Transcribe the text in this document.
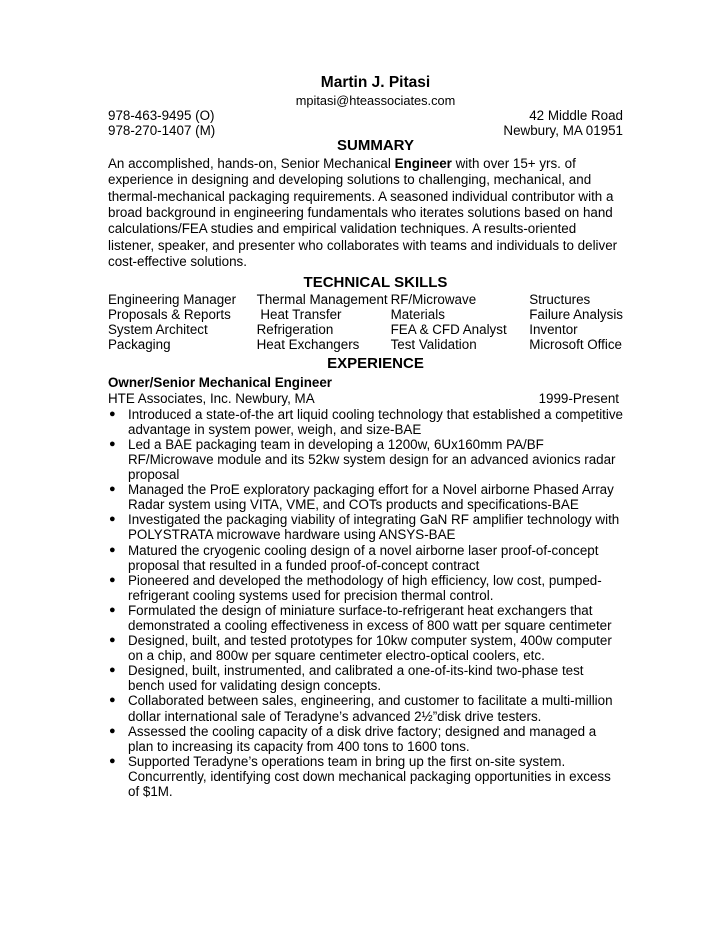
Martin J. Pitasi
mpitasi@hteassociates.com
978-463-9495 (O)	42 Middle Road
978-270-1407 (M)	Newbury, MA 01951
SUMMARY
An accomplished, hands-on, Senior Mechanical Engineer with over 15+ yrs. of experience in designing and developing solutions to challenging, mechanical, and thermal-mechanical packaging requirements. A seasoned individual contributor with a broad background in engineering fundamentals who iterates solutions based on hand calculations/FEA studies and empirical validation techniques. A results-oriented listener, speaker, and presenter who collaborates with teams and individuals to deliver cost-effective solutions.
TECHNICAL SKILLS
Engineering Manager	Thermal Management	RF/Microwave	Structures
Proposals & Reports	Heat Transfer	Materials	Failure Analysis
System Architect	Refrigeration	FEA & CFD Analyst	Inventor
Packaging	Heat Exchangers	Test Validation	Microsoft Office
EXPERIENCE
Owner/Senior Mechanical Engineer
HTE Associates, Inc. Newbury, MA	1999-Present
● Introduced a state-of-the art liquid cooling technology that established a competitive advantage in system power, weigh, and size-BAE
● Led a BAE packaging team in developing a 1200w, 6Ux160mm PA/BF RF/Microwave module and its 52kw system design for an advanced avionics radar proposal
● Managed the ProE exploratory packaging effort for a Novel airborne Phased Array Radar system using VITA, VME, and COTs products and specifications-BAE
● Investigated the packaging viability of integrating GaN RF amplifier technology with POLYSTRATA microwave hardware using ANSYS-BAE
● Matured the cryogenic cooling design of a novel airborne laser proof-of-concept proposal that resulted in a funded proof-of-concept contract
● Pioneered and developed the methodology of high efficiency, low cost, pumped-refrigerant cooling systems used for precision thermal control.
● Formulated the design of miniature surface-to-refrigerant heat exchangers that demonstrated a cooling effectiveness in excess of 800 watt per square centimeter
● Designed, built, and tested prototypes for 10kw computer system, 400w computer on a chip, and 800w per square centimeter electro-optical coolers, etc.
● Designed, built, instrumented, and calibrated a one-of-its-kind two-phase test bench used for validating design concepts.
● Collaborated between sales, engineering, and customer to facilitate a multi-million dollar international sale of Teradyne’s advanced 2½”disk drive testers.
● Assessed the cooling capacity of a disk drive factory; designed and managed a plan to increasing its capacity from 400 tons to 1600 tons.
● Supported Teradyne’s operations team in bring up the first on-site system. Concurrently, identifying cost down mechanical packaging opportunities in excess of $1M.
